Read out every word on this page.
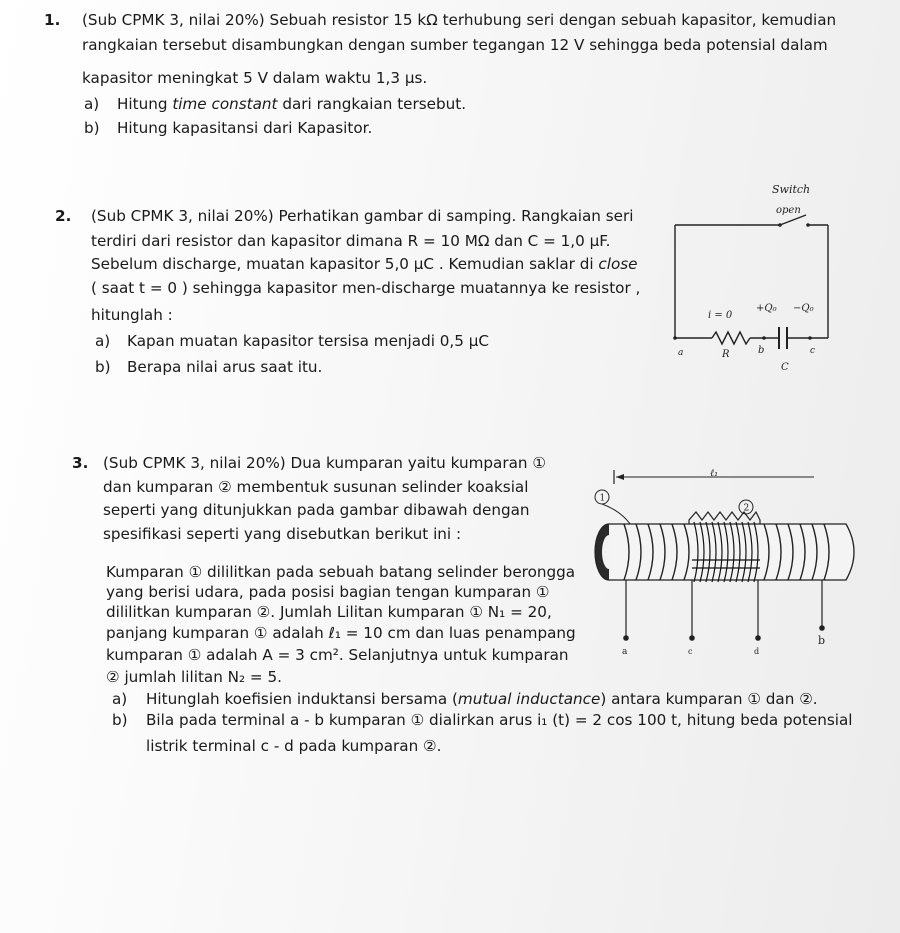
1. (Sub CPMK 3, nilai 20%) Sebuah resistor 15 kΩ terhubung seri dengan sebuah kapasitor, kemudian
rangkaian tersebut disambungkan dengan sumber tegangan 12 V sehingga beda potensial dalam
kapasitor meningkat 5 V dalam waktu 1,3 µs.
a) Hitung time constant dari rangkaian tersebut.
b) Hitung kapasitansi dari Kapasitor.
2. (Sub CPMK 3, nilai 20%) Perhatikan gambar di samping. Rangkaian seri
terdiri dari resistor dan kapasitor dimana R = 10 MΩ dan C = 1,0 µF.
Sebelum discharge, muatan kapasitor 5,0 µC . Kemudian saklar di close
( saat t = 0 ) sehingga kapasitor men-discharge muatannya ke resistor ,
hitunglah :
a) Kapan muatan kapasitor tersisa menjadi 0,5 µC
b) Berapa nilai arus saat itu.
Switch
open
i = 0
+Q₀ −Q₀
a	R	b	c
C
3. (Sub CPMK 3, nilai 20%) Dua kumparan yaitu kumparan ①
dan kumparan ② membentuk susunan selinder koaksial
seperti yang ditunjukkan pada gambar dibawah dengan
spesifikasi seperti yang disebutkan berikut ini :
Kumparan ① dililitkan pada sebuah batang selinder berongga
yang berisi udara, pada posisi bagian tengan kumparan ①
dililitkan kumparan ②. Jumlah Lilitan kumparan ① N₁ = 20,
panjang kumparan ① adalah ℓ₁ = 10 cm dan luas penampang
kumparan ① adalah A = 3 cm². Selanjutnya untuk kumparan
② jumlah lilitan N₂ = 5.
a) Hitunglah koefisien induktansi bersama (mutual inductance) antara kumparan ① dan ②.
b) Bila pada terminal a - b kumparan ① dialirkan arus i₁ (t) = 2 cos 100 t, hitung beda potensial
listrik terminal c - d pada kumparan ②.
ℓ₁
1
2
a	c	d
b
